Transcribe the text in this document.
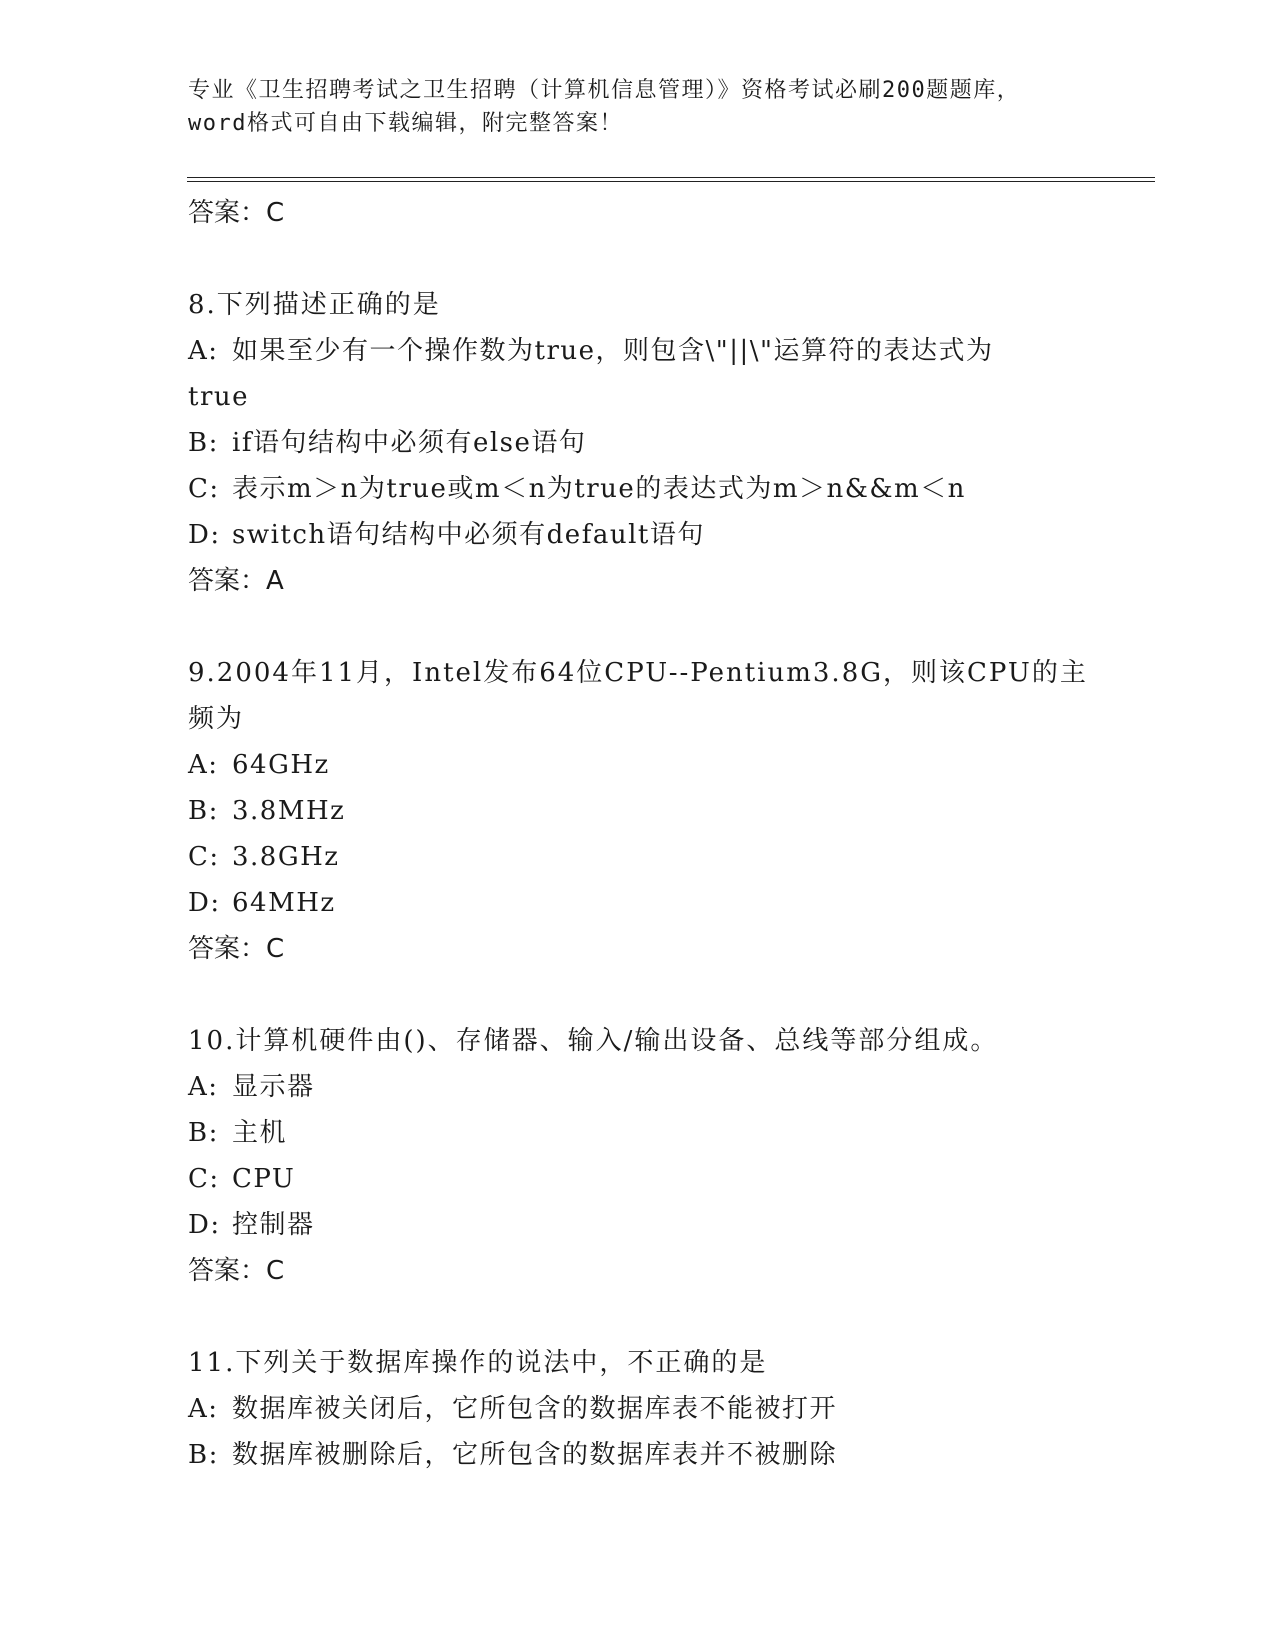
专业《卫生招聘考试之卫生招聘（计算机信息管理）》资格考试必刷200题题库，
word格式可自由下载编辑，附完整答案！
答案：C
8.下列描述正确的是
A: 如果至少有一个操作数为true，则包含\"||\"运算符的表达式为
true
B: if语句结构中必须有else语句
C: 表示m＞n为true或m＜n为true的表达式为m＞n&&m＜n
D: switch语句结构中必须有default语句
答案：A
9.2004年11月，Intel发布64位CPU--Pentium3.8G，则该CPU的主
频为
A: 64GHz
B: 3.8MHz
C: 3.8GHz
D: 64MHz
答案：C
10.计算机硬件由()、存储器、输入/输出设备、总线等部分组成。
A: 显示器
B: 主机
C: CPU
D: 控制器
答案：C
11.下列关于数据库操作的说法中，不正确的是
A: 数据库被关闭后，它所包含的数据库表不能被打开
B: 数据库被删除后，它所包含的数据库表并不被删除
